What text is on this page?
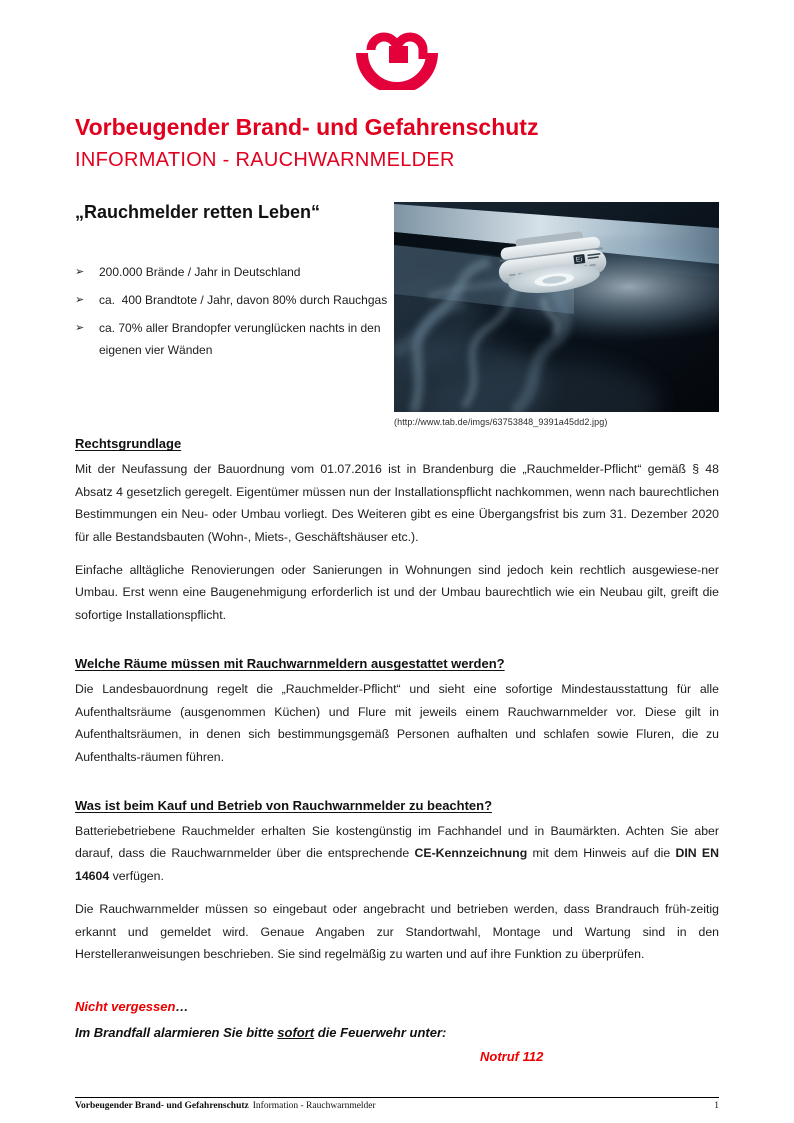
Vorbeugender Brand- und Gefahrenschutz
INFORMATION - RAUCHWARNMELDER
„Rauchmelder retten Leben“
➢	200.000 Brände / Jahr in Deutschland
➢	ca.  400 Brandtote / Jahr, davon 80% durch Rauchgas
➢	ca. 70% aller Brandopfer verunglücken nachts in den eigenen vier Wänden
Ei
(http://www.tab.de/imgs/63753848_9391a45dd2.jpg)
Rechtsgrundlage

Mit der Neufassung der Bauordnung vom 01.07.2016 ist in Brandenburg die „Rauchmelder-Pflicht“ gemäß § 48 Absatz 4 gesetzlich geregelt. Eigentümer müssen nun der Installationspflicht nachkommen, wenn nach baurechtlichen Bestimmungen ein Neu- oder Umbau vorliegt. Des Weiteren gibt es eine Übergangsfrist bis zum 31. Dezember 2020 für alle Bestandsbauten (Wohn-, Miets-, Geschäftshäuser etc.).

Einfache alltägliche Renovierungen oder Sanierungen in Wohnungen sind jedoch kein rechtlich ausgewiese-ner Umbau. Erst wenn eine Baugenehmigung erforderlich ist und der Umbau baurechtlich wie ein Neubau gilt, greift die sofortige Installationspflicht.

Welche Räume müssen mit Rauchwarnmeldern ausgestattet werden?

Die Landesbauordnung regelt die „Rauchmelder-Pflicht“ und sieht eine sofortige Mindestausstattung für alle Aufenthaltsräume (ausgenommen Küchen) und Flure mit jeweils einem Rauchwarnmelder vor. Diese gilt in Aufenthaltsräumen, in denen sich bestimmungsgemäß Personen aufhalten und schlafen sowie Fluren, die zu Aufenthalts-räumen führen.

Was ist beim Kauf und Betrieb von Rauchwarnmelder zu beachten?

Batteriebetriebene Rauchmelder erhalten Sie kostengünstig im Fachhandel und in Baumärkten. Achten Sie aber darauf, dass die Rauchwarnmelder über die entsprechende CE-Kennzeichnung mit dem Hinweis auf die DIN EN 14604 verfügen.

Die Rauchwarnmelder müssen so eingebaut oder angebracht und betrieben werden, dass Brandrauch früh-zeitig erkannt und gemeldet wird. Genaue Angaben zur Standortwahl, Montage und Wartung sind in den Herstelleranweisungen beschrieben. Sie sind regelmäßig zu warten und auf ihre Funktion zu überprüfen.

Nicht vergessen…

Im Brandfall alarmieren Sie bitte sofort die Feuerwehr unter:

Notruf 112

Vorbeugender Brand- und Gefahrenschutz Information - Rauchwarnmelder	1
